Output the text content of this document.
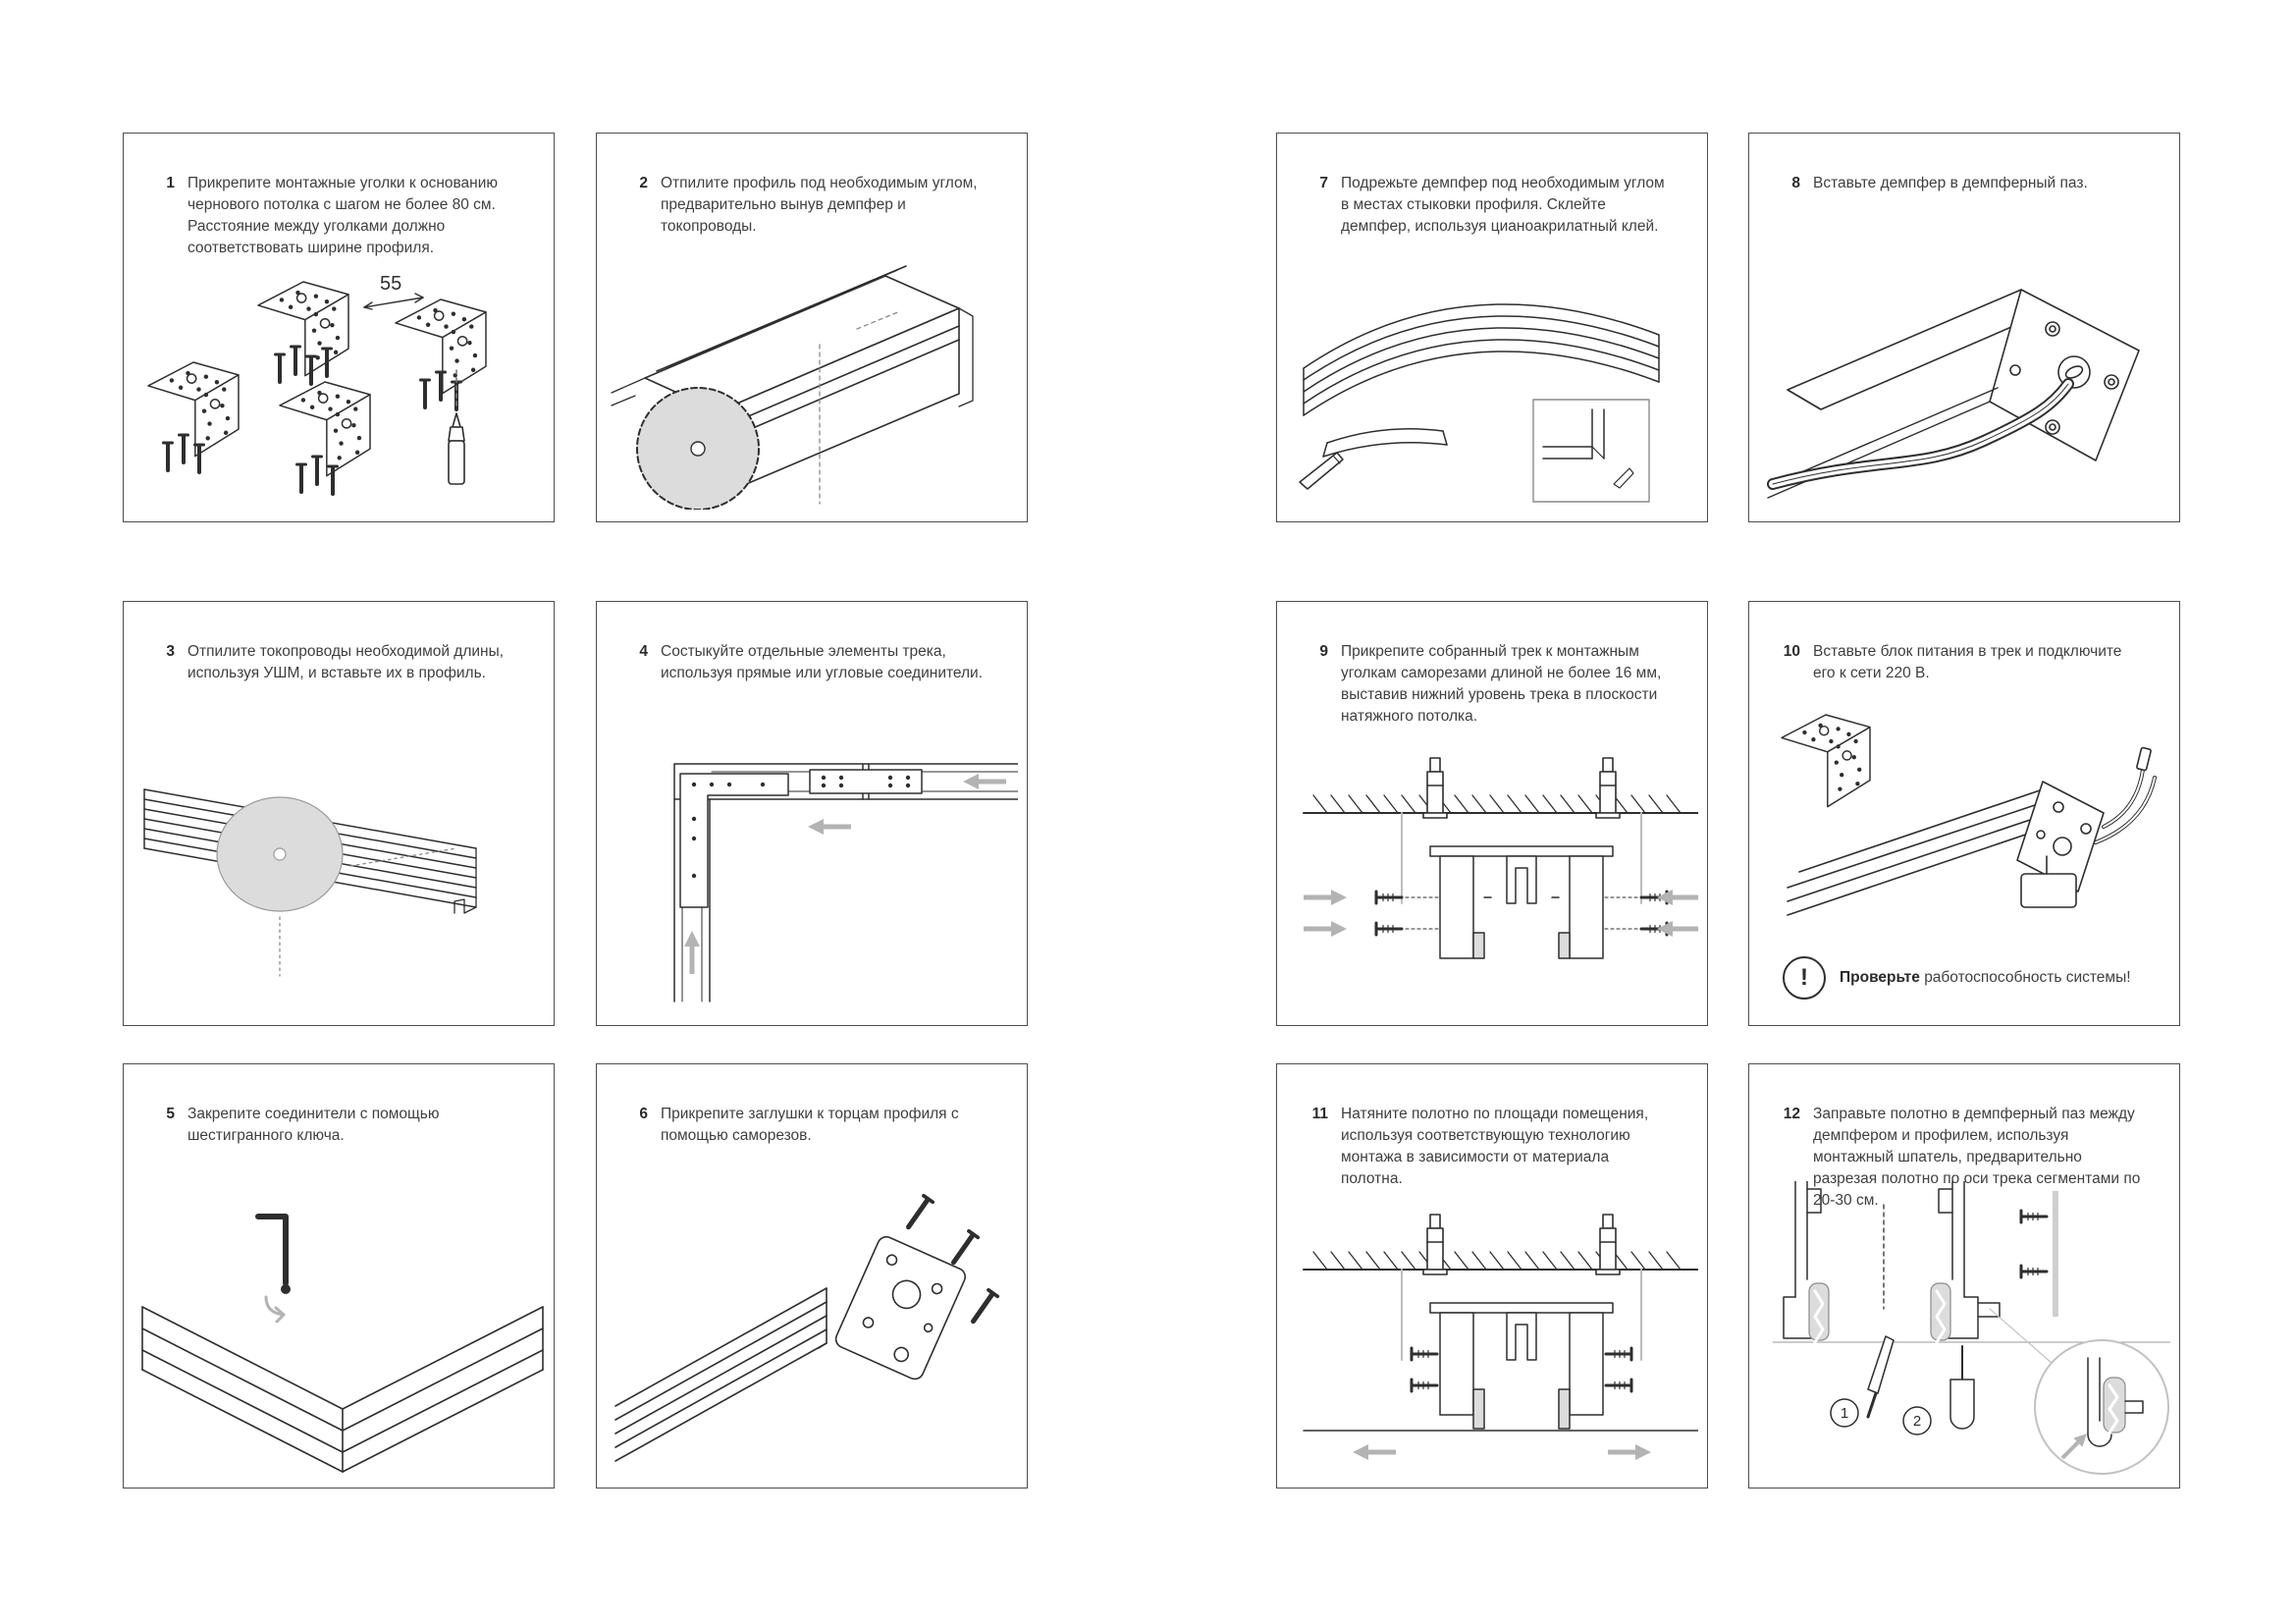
1 Прикрепите монтажные уголки к основанию чернового потолка с шагом не более 80 см. Расстояние между уголками должно соответствовать ширине профиля.
55
2 Отпилите профиль под необходимым углом, предварительно вынув демпфер и токопроводы.
3 Отпилите токопроводы необходимой длины, используя УШМ, и вставьте их в профиль.
4 Состыкуйте отдельные элементы трека, используя прямые или угловые соединители.
5 Закрепите соединители с помощью шестигранного ключа.
6 Прикрепите заглушки к торцам профиля с помощью саморезов.
7 Подрежьте демпфер под необходимым углом в местах стыковки профиля. Склейте демпфер, используя цианоакрилатный клей.
8 Вставьте демпфер в демпферный паз.
9 Прикрепите собранный трек к монтажным уголкам саморезами длиной не более 16 мм, выставив нижний уровень трека в плоскости натяжного потолка.
10 Вставьте блок питания в трек и подключите его к сети 220 В.
!	Проверьте работоспособность системы!
11 Натяните полотно по площади помещения, используя соответствующую технологию монтажа в зависимости от материала полотна.
12 Заправьте полотно в демпферный паз между демпфером и профилем, используя монтажный шпатель, предварительно разрезая полотно по оси трека сегментами по 20-30 см.
1	2
